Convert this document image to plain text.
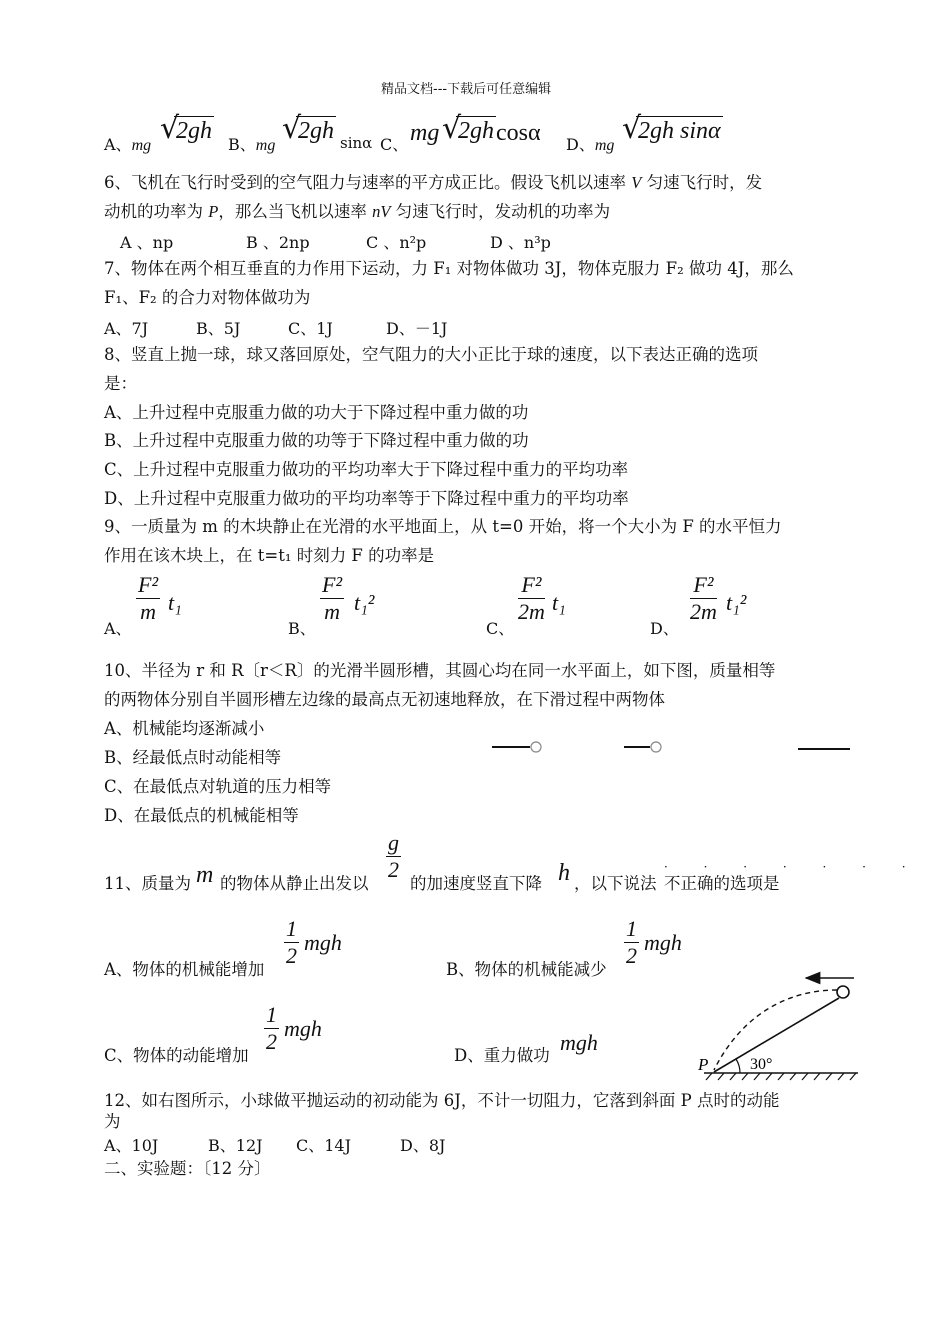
精品文档---下载后可任意编辑
A、mg √
2gh
B、mg √
2gh sinα C、 mg √
2gh cosα D、mg √
2gh sinα
6、飞机在飞行时受到的空气阻力与速率的平方成正比。假设飞机以速率 V 匀速飞行时，发
动机的功率为 P，那么当飞机以速率 nV 匀速飞行时，发动机的功率为
A 、np	B 、2np	C 、n²p	D 、n³p
7、物体在两个相互垂直的力作用下运动，力 F₁ 对物体做功 3J，物体克服力 F₂ 做功 4J，那么
F₁、F₂ 的合力对物体做功为
A、7J	B、5J	C、1J	D、－1J
8、竖直上抛一球，球又落回原处，空气阻力的大小正比于球的速度，以下表达正确的选项
是：
A、上升过程中克服重力做的功大于下降过程中重力做的功
B、上升过程中克服重力做的功等于下降过程中重力做的功
C、上升过程中克服重力做功的平均功率大于下降过程中重力的平均功率
D、上升过程中克服重力做功的平均功率等于下降过程中重力的平均功率
9、一质量为 m 的木块静止在光滑的水平地面上，从 t=0 开始，将一个大小为 F 的水平恒力
作用在该木块上，在 t=t₁ 时刻力 F 的功率是
A、
$\frac{\text{F²}}{m} t_1$
B、
$\frac{\text{F²}}{m} t_1^2$
C、
$\frac{\text{F²}}{2m} t_1$
D、
$\frac{\text{F²}}{2m} t_1^2$
10、半径为 r 和 R〔r＜R〕的光滑半圆形槽，其圆心均在同一水平面上，如下图，质量相等
的两物体分别自半圆形槽左边缘的最高点无初速地释放，在下滑过程中两物体
A、机械能均逐渐减小
B、经最低点时动能相等
C、在最低点对轨道的压力相等
D、在最低点的机械能相等
11、质量为 m 的物体从静止出发以
$\frac{g}{2}$
的加速度竖直下降 h ，以下说法 不正确的选项是
· · · · · · ·
A、物体的机械能增加
$\frac{1}{2}$ mgh
B、物体的机械能减少
$\frac{1}{2}$ mgh
C、物体的动能增加
$\frac{1}{2}$ mgh
D、重力做功
mgh
P	30°
12、如右图所示，小球做平抛运动的初动能为 6J，不计一切阻力，它落到斜面 P 点时的动能
为
A、10J	B、12J C、14J	D、8J
二、实验题：〔12 分〕
